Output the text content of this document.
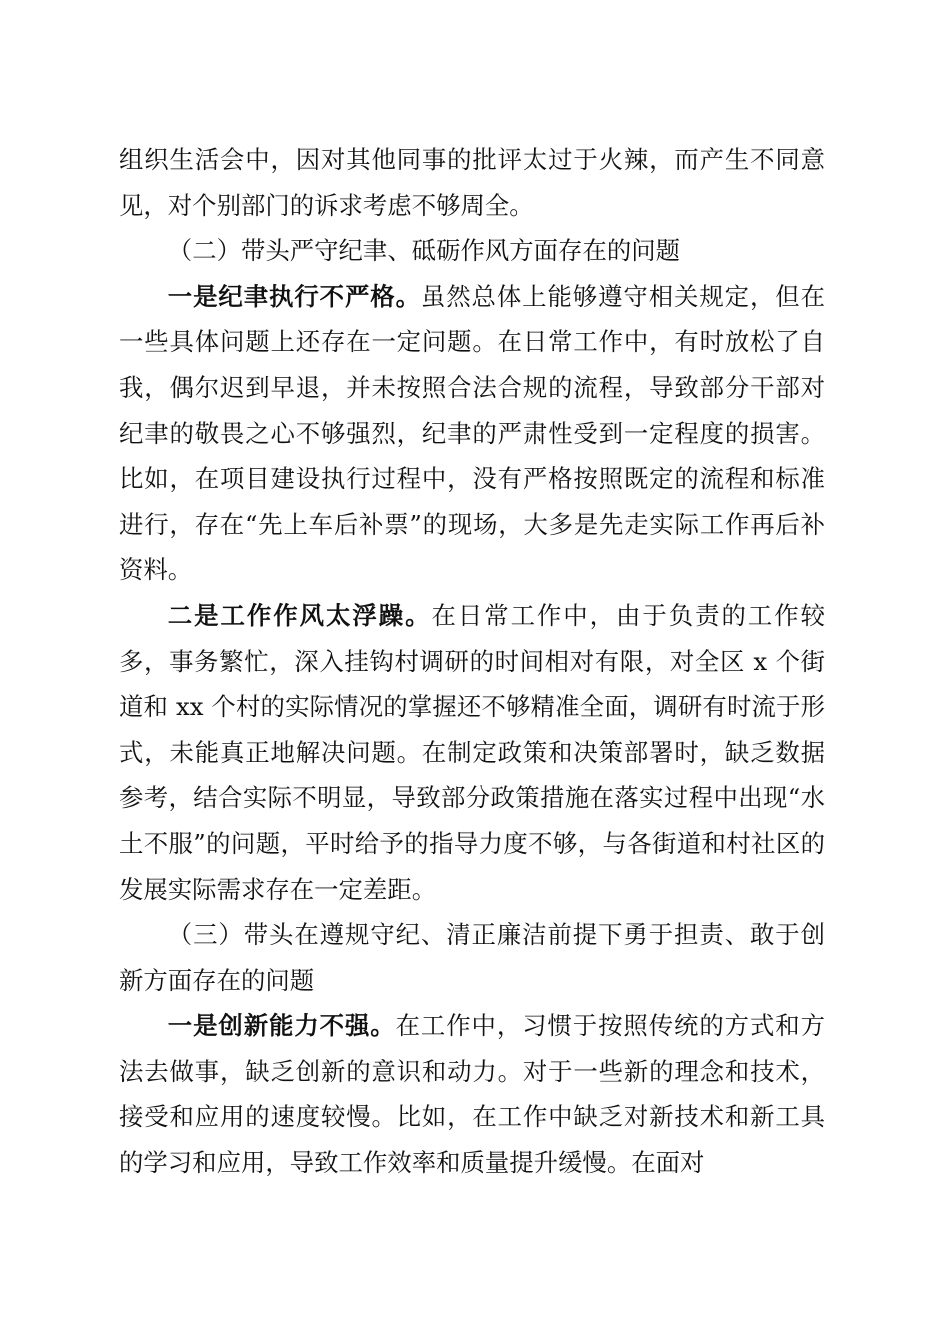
组织生活会中，因对其他同事的批评太过于火辣，而产生不同意见，对个别部门的诉求考虑不够周全。

（二）带头严守纪聿、砥砺作风方面存在的问题

一是纪聿执行不严格。虽然总体上能够遵守相关规定，但在一些具体问题上还存在一定问题。在日常工作中，有时放松了自我，偶尔迟到早退，并未按照合法合规的流程，导致部分干部对纪聿的敬畏之心不够强烈，纪聿的严肃性受到一定程度的损害。比如，在项目建设执行过程中，没有严格按照既定的流程和标准进行，存在“先上车后补票”的现场，大多是先走实际工作再后补资料。

二是工作作风太浮躁。在日常工作中，由于负责的工作较多，事务繁忙，深入挂钩村调研的时间相对有限，对全区 x 个街道和 xx 个村的实际情况的掌握还不够精准全面，调研有时流于形式，未能真正地解决问题。在制定政策和决策部署时，缺乏数据参考，结合实际不明显，导致部分政策措施在落实过程中出现“水土不服”的问题，平时给予的指导力度不够，与各街道和村社区的发展实际需求存在一定差距。

（三）带头在遵规守纪、清正廉洁前提下勇于担责、敢于创新方面存在的问题

一是创新能力不强。在工作中，习惯于按照传统的方式和方法去做事，缺乏创新的意识和动力。对于一些新的理念和技术，接受和应用的速度较慢。比如，在工作中缺乏对新技术和新工具的学习和应用，导致工作效率和质量提升缓慢。在面对
